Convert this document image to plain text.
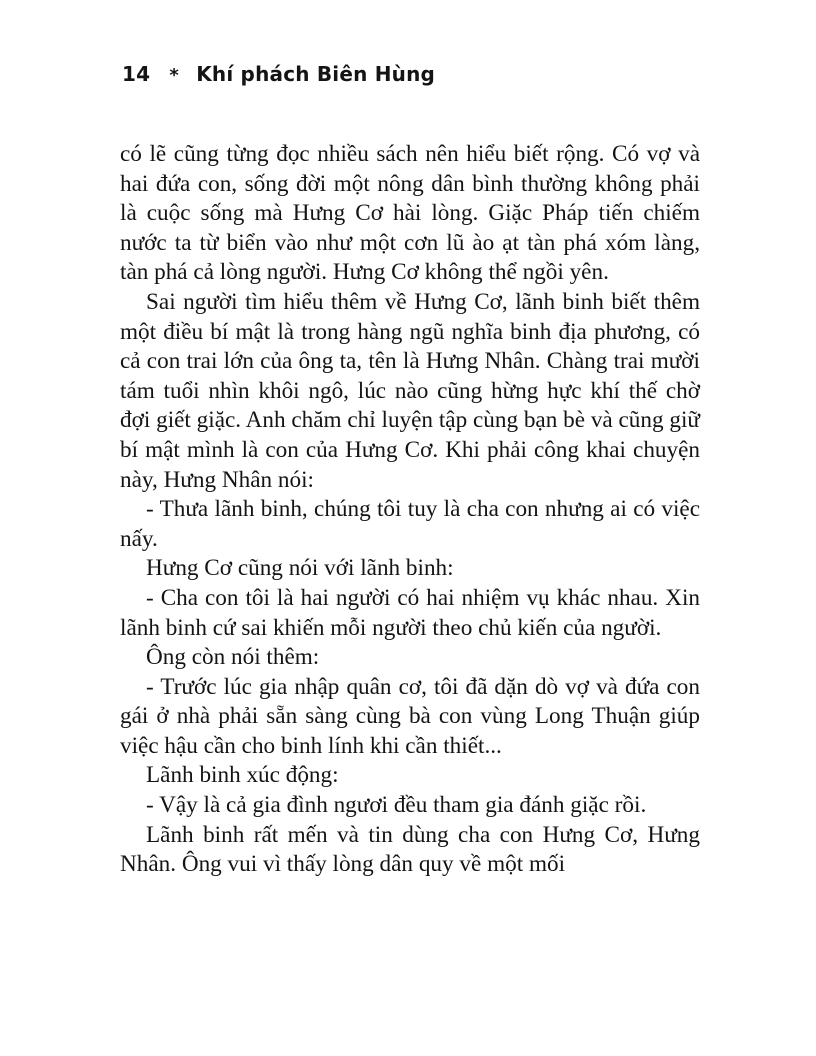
14 * Khí phách Biên Hùng

có lẽ cũng từng đọc nhiều sách nên hiểu biết rộng. Có vợ và hai đứa con, sống đời một nông dân bình thường không phải là cuộc sống mà Hưng Cơ hài lòng. Giặc Pháp tiến chiếm nước ta từ biển vào như một cơn lũ ào ạt tàn phá xóm làng, tàn phá cả lòng người. Hưng Cơ không thể ngồi yên.

Sai người tìm hiểu thêm về Hưng Cơ, lãnh binh biết thêm một điều bí mật là trong hàng ngũ nghĩa binh địa phương, có cả con trai lớn của ông ta, tên là Hưng Nhân. Chàng trai mười tám tuổi nhìn khôi ngô, lúc nào cũng hừng hực khí thế chờ đợi giết giặc. Anh chăm chỉ luyện tập cùng bạn bè và cũng giữ bí mật mình là con của Hưng Cơ. Khi phải công khai chuyện này, Hưng Nhân nói:

- Thưa lãnh binh, chúng tôi tuy là cha con nhưng ai có việc nấy.

Hưng Cơ cũng nói với lãnh binh:

- Cha con tôi là hai người có hai nhiệm vụ khác nhau. Xin lãnh binh cứ sai khiến mỗi người theo chủ kiến của người.

Ông còn nói thêm:

- Trước lúc gia nhập quân cơ, tôi đã dặn dò vợ và đứa con gái ở nhà phải sẵn sàng cùng bà con vùng Long Thuận giúp việc hậu cần cho binh lính khi cần thiết...

Lãnh binh xúc động:

- Vậy là cả gia đình ngươi đều tham gia đánh giặc rồi.

Lãnh binh rất mến và tin dùng cha con Hưng Cơ, Hưng Nhân. Ông vui vì thấy lòng dân quy về một mối
